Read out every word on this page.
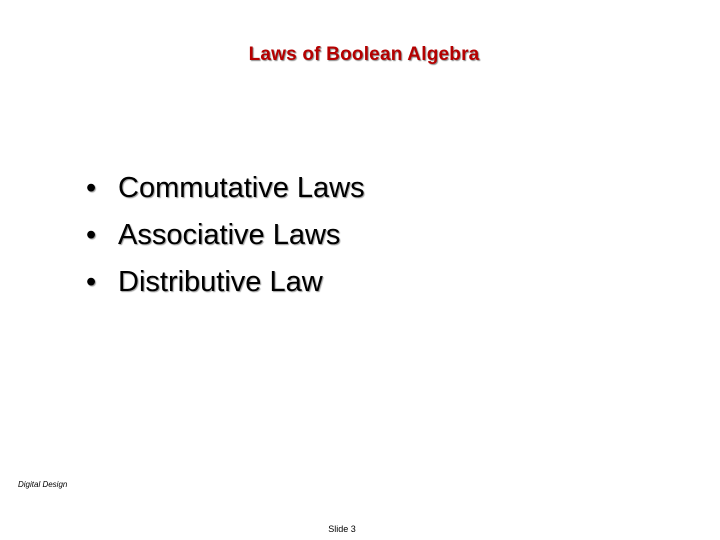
Laws of Boolean Algebra
• Commutative Laws
• Associative Laws
• Distributive Law
Digital Design
Slide 3
